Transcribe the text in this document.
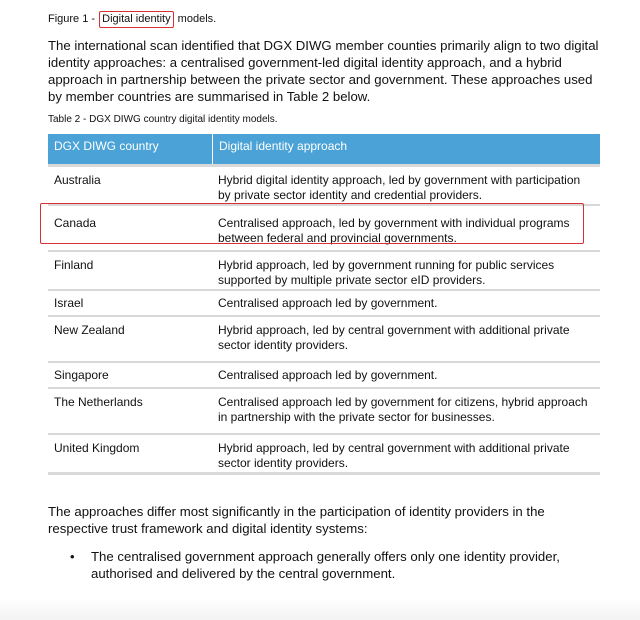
Figure 1 - Digital identity models.

The international scan identified that DGX DIWG member counties primarily align to two digital identity approaches: a centralised government-led digital identity approach, and a hybrid approach in partnership between the private sector and government. These approaches used by member countries are summarised in Table 2 below.

Table 2 - DGX DIWG country digital identity models.
DGX DIWG country	Digital identity approach
Australia	Hybrid digital identity approach, led by government with participation by private sector identity and credential providers.
Canada	Centralised approach, led by government with individual programs between federal and provincial governments.
Finland	Hybrid approach, led by government running for public services supported by multiple private sector eID providers.
Israel	Centralised approach led by government.
New Zealand	Hybrid approach, led by central government with additional private sector identity providers.
Singapore	Centralised approach led by government.
The Netherlands	Centralised approach led by government for citizens, hybrid approach in partnership with the private sector for businesses.
United Kingdom	Hybrid approach, led by central government with additional private sector identity providers.

The approaches differ most significantly in the participation of identity providers in the respective trust framework and digital identity systems:

•	The centralised government approach generally offers only one identity provider, authorised and delivered by the central government.
